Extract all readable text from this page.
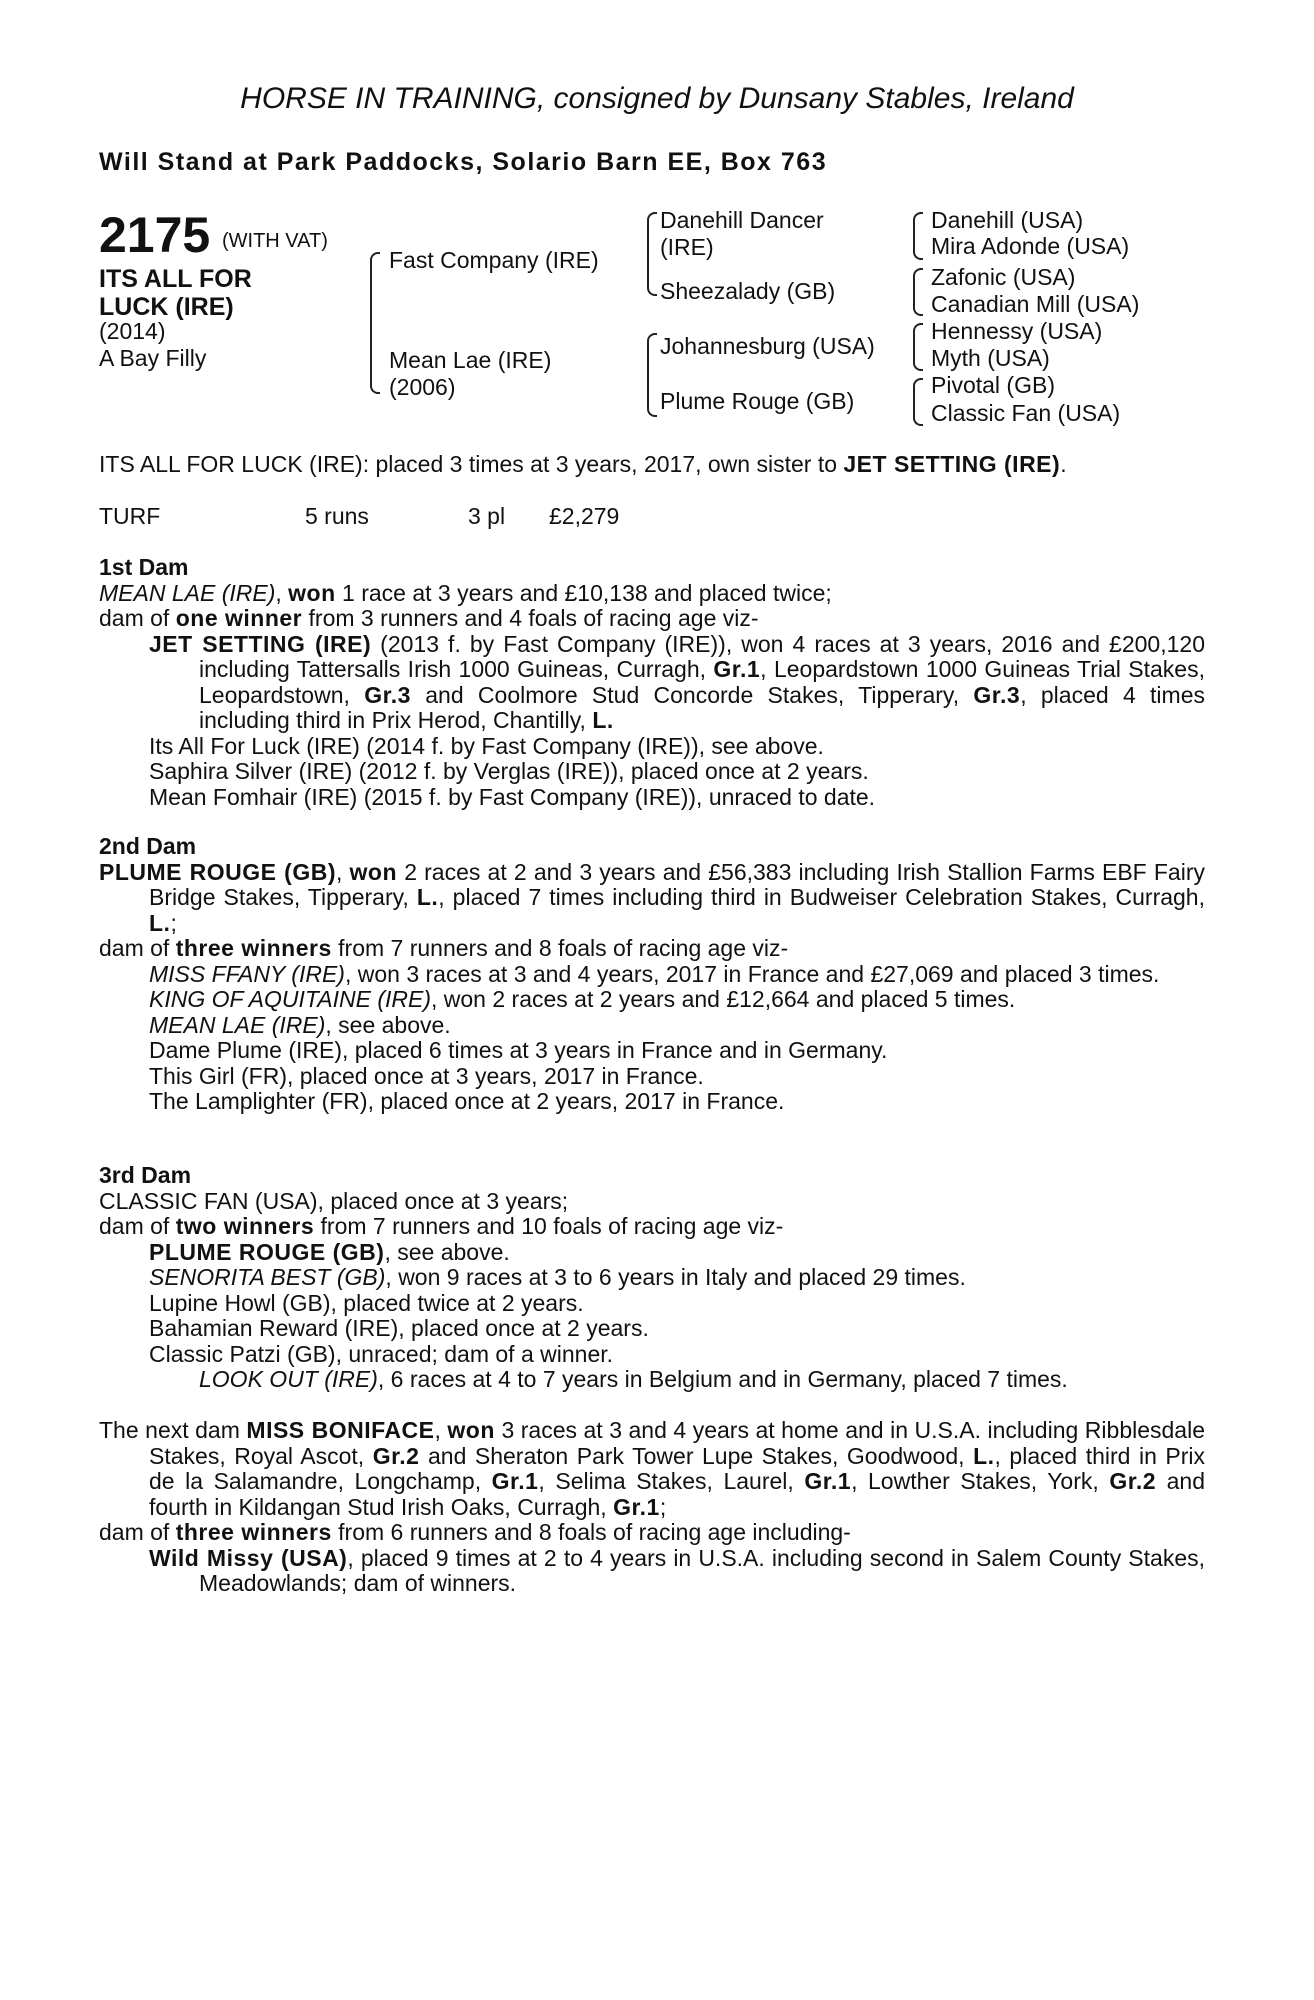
HORSE IN TRAINING, consigned by Dunsany Stables, Ireland
Will Stand at Park Paddocks, Solario Barn EE, Box 763
2175 (WITH VAT)
ITS ALL FOR
LUCK (IRE)
(2014)
A Bay Filly
Fast Company (IRE)
Mean Lae (IRE)
(2006)
Danehill Dancer
(IRE)
Sheezalady (GB)
Johannesburg (USA)
Plume Rouge (GB)
Danehill (USA)
Mira Adonde (USA)
Zafonic (USA)
Canadian Mill (USA)
Hennessy (USA)
Myth (USA)
Pivotal (GB)
Classic Fan (USA)

ITS ALL FOR LUCK (IRE): placed 3 times at 3 years, 2017, own sister to JET SETTING (IRE).

TURF	5 runs	3 pl £2,279

1st Dam

MEAN LAE (IRE), won 1 race at 3 years and £10,138 and placed twice;

dam of one winner from 3 runners and 4 foals of racing age viz-

JET SETTING (IRE) (2013 f. by Fast Company (IRE)), won 4 races at 3 years, 2016 and £200,120 including Tattersalls Irish 1000 Guineas, Curragh, Gr.1, Leopardstown 1000 Guineas Trial Stakes, Leopardstown, Gr.3 and Coolmore Stud Concorde Stakes, Tipperary, Gr.3, placed 4 times including third in Prix Herod, Chantilly, L.

Its All For Luck (IRE) (2014 f. by Fast Company (IRE)), see above.

Saphira Silver (IRE) (2012 f. by Verglas (IRE)), placed once at 2 years.

Mean Fomhair (IRE) (2015 f. by Fast Company (IRE)), unraced to date.

2nd Dam

PLUME ROUGE (GB), won 2 races at 2 and 3 years and £56,383 including Irish Stallion Farms EBF Fairy Bridge Stakes, Tipperary, L., placed 7 times including third in Budweiser Celebration Stakes, Curragh, L.;

dam of three winners from 7 runners and 8 foals of racing age viz-

MISS FFANY (IRE), won 3 races at 3 and 4 years, 2017 in France and £27,069 and placed 3 times.

KING OF AQUITAINE (IRE), won 2 races at 2 years and £12,664 and placed 5 times.

MEAN LAE (IRE), see above.

Dame Plume (IRE), placed 6 times at 3 years in France and in Germany.

This Girl (FR), placed once at 3 years, 2017 in France.

The Lamplighter (FR), placed once at 2 years, 2017 in France.

3rd Dam

CLASSIC FAN (USA), placed once at 3 years;

dam of two winners from 7 runners and 10 foals of racing age viz-

PLUME ROUGE (GB), see above.

SENORITA BEST (GB), won 9 races at 3 to 6 years in Italy and placed 29 times.

Lupine Howl (GB), placed twice at 2 years.

Bahamian Reward (IRE), placed once at 2 years.

Classic Patzi (GB), unraced; dam of a winner.

LOOK OUT (IRE), 6 races at 4 to 7 years in Belgium and in Germany, placed 7 times.

The next dam MISS BONIFACE, won 3 races at 3 and 4 years at home and in U.S.A. including Ribblesdale Stakes, Royal Ascot, Gr.2 and Sheraton Park Tower Lupe Stakes, Goodwood, L., placed third in Prix de la Salamandre, Longchamp, Gr.1, Selima Stakes, Laurel, Gr.1, Lowther Stakes, York, Gr.2 and fourth in Kildangan Stud Irish Oaks, Curragh, Gr.1;

dam of three winners from 6 runners and 8 foals of racing age including-

Wild Missy (USA), placed 9 times at 2 to 4 years in U.S.A. including second in Salem County Stakes, Meadowlands; dam of winners.
